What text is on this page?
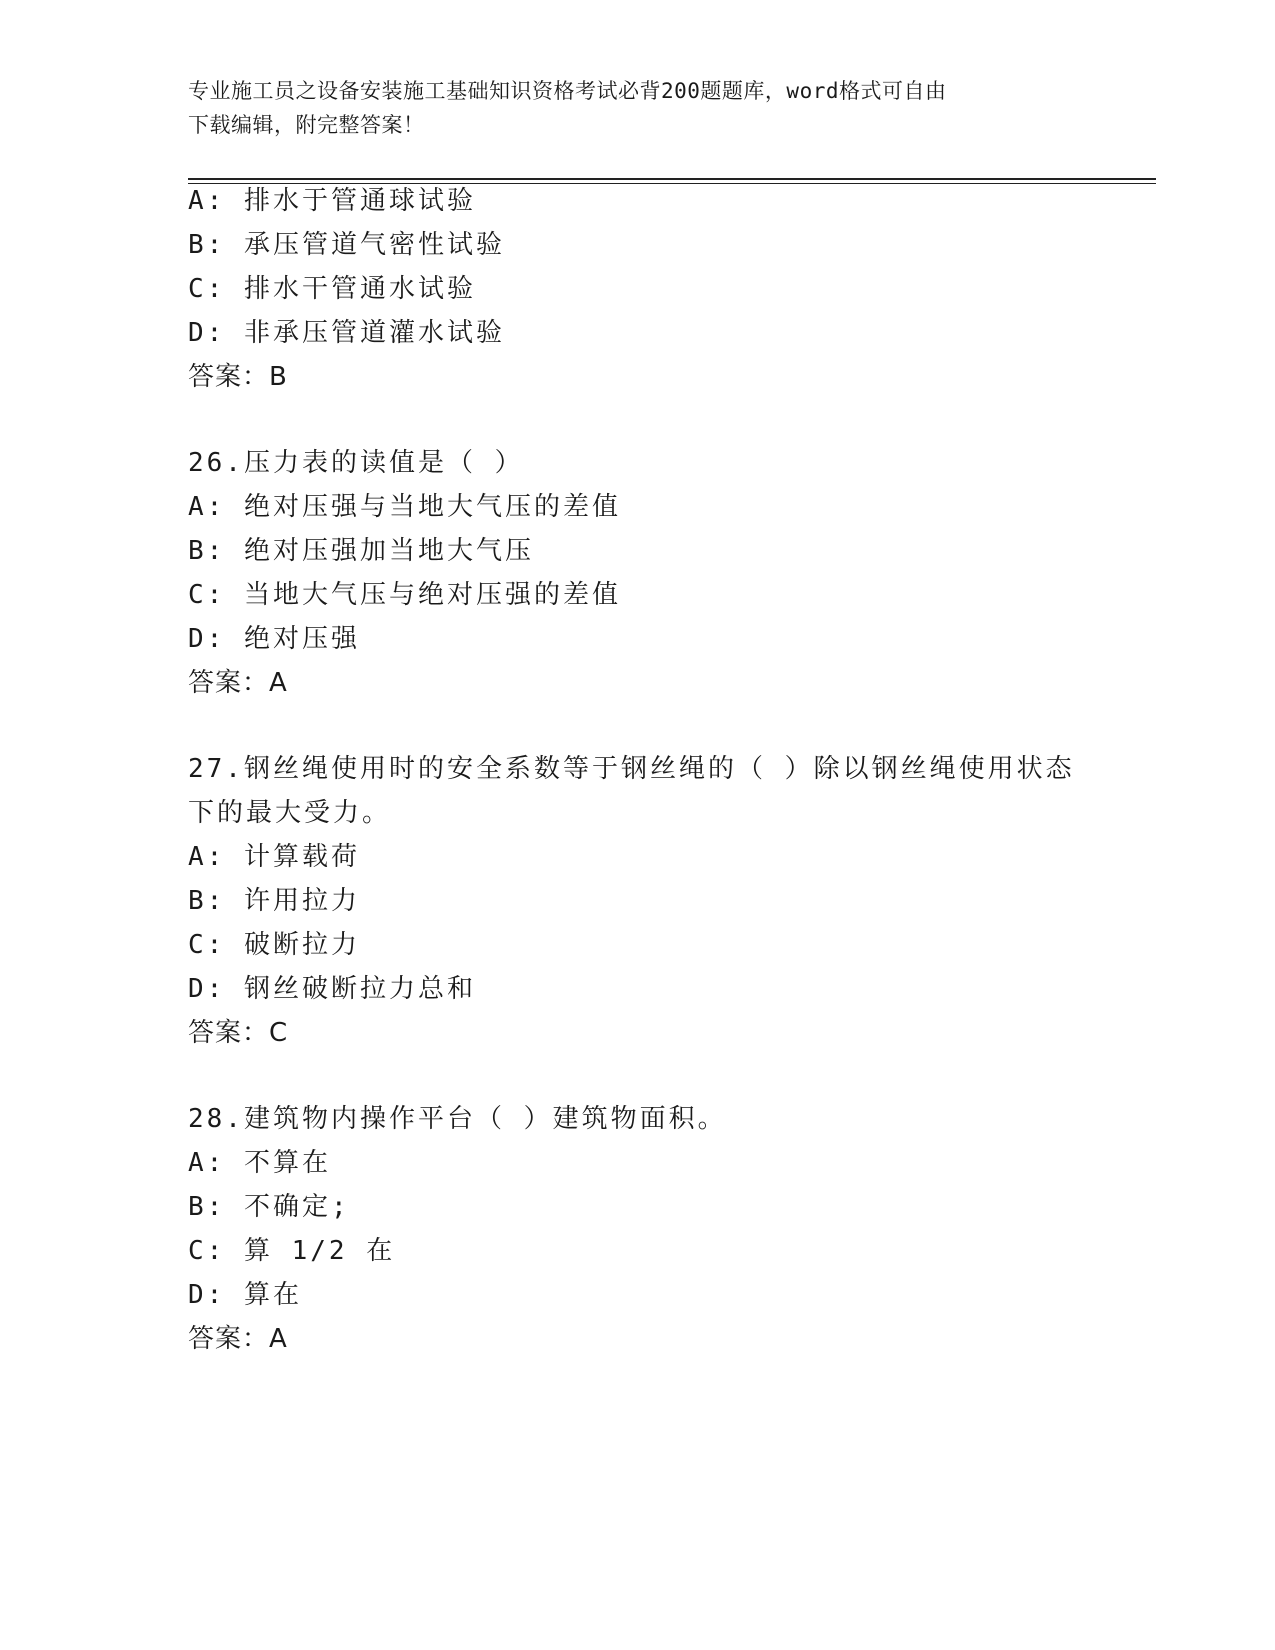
专业施工员之设备安装施工基础知识资格考试必背200题题库，word格式可自由
下载编辑，附完整答案！
A: 排水于管通球试验
B: 承压管道气密性试验
C: 排水干管通水试验
D: 非承压管道灌水试验
答案：B
26.压力表的读值是（ ）
A: 绝对压强与当地大气压的差值
B: 绝对压强加当地大气压
C: 当地大气压与绝对压强的差值
D: 绝对压强
答案：A
27.钢丝绳使用时的安全系数等于钢丝绳的（ ）除以钢丝绳使用状态
下的最大受力。
A: 计算载荷
B: 许用拉力
C: 破断拉力
D: 钢丝破断拉力总和
答案：C
28.建筑物内操作平台（ ）建筑物面积。
A: 不算在
B: 不确定;
C: 算 1/2 在
D: 算在
答案：A
